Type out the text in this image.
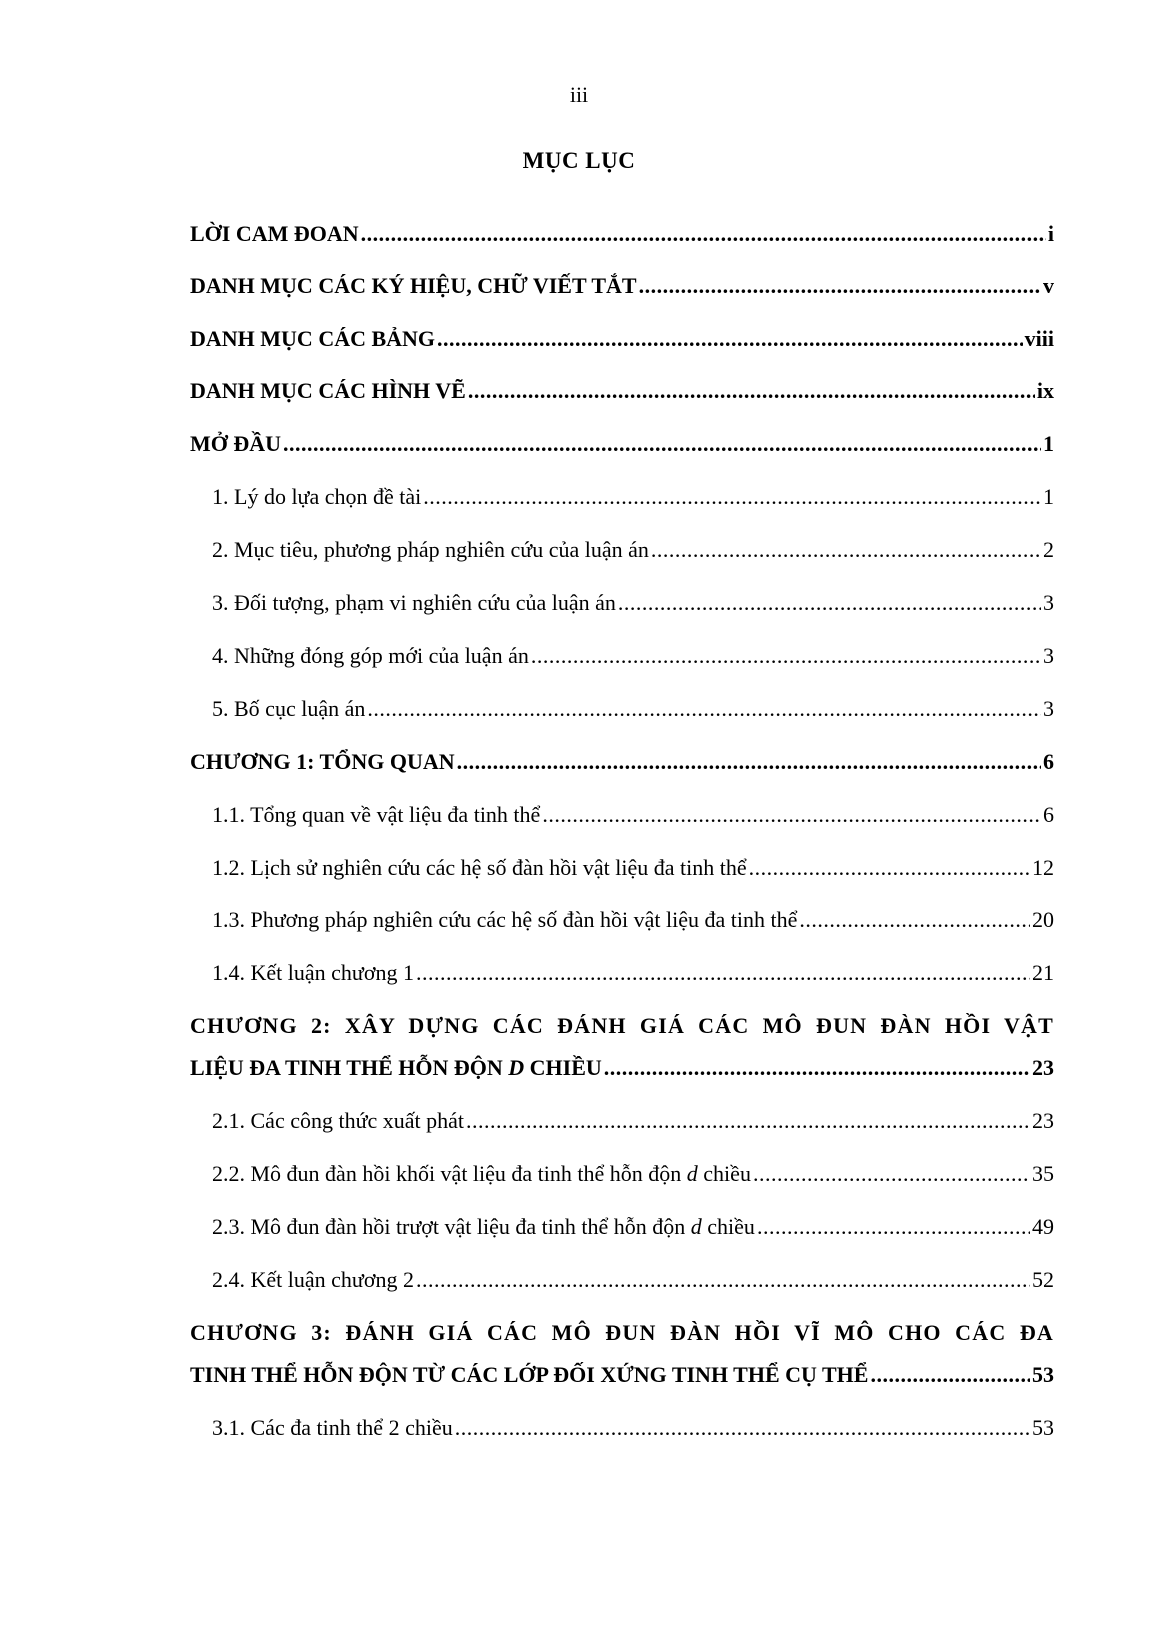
iii
MỤC LỤC
LỜI CAM ĐOAN .....	i
DANH MỤC CÁC KÝ HIỆU, CHỮ VIẾT TẮT .....	v
DANH MỤC CÁC BẢNG .....	viii
DANH MỤC CÁC HÌNH VẼ .....	ix
MỞ ĐẦU .....	1
1. Lý do lựa chọn đề tài .....	1
2. Mục tiêu, phương pháp nghiên cứu của luận án .....	2
3. Đối tượng, phạm vi nghiên cứu của luận án .....	3
4. Những đóng góp mới của luận án .....	3
5. Bố cục luận án .....	3
CHƯƠNG 1: TỔNG QUAN .....	6
1.1. Tổng quan về vật liệu đa tinh thể .....	6
1.2. Lịch sử nghiên cứu các hệ số đàn hồi vật liệu đa tinh thể .....	12
1.3. Phương pháp nghiên cứu các hệ số đàn hồi vật liệu đa tinh thể .....	20
1.4. Kết luận chương 1 .....	21
CHƯƠNG 2: XÂY DỰNG CÁC ĐÁNH GIÁ CÁC MÔ ĐUN ĐÀN HỒI VẬT
LIỆU ĐA TINH THỂ HỖN ĐỘN D CHIỀU .....	23
2.1. Các công thức xuất phát .....	23
2.2. Mô đun đàn hồi khối vật liệu đa tinh thể hỗn độn d chiều .....	35
2.3. Mô đun đàn hồi trượt vật liệu đa tinh thể hỗn độn d chiều .....	49
2.4. Kết luận chương 2 .....	52
CHƯƠNG 3: ĐÁNH GIÁ CÁC MÔ ĐUN ĐÀN HỒI VĨ MÔ CHO CÁC ĐA
TINH THỂ HỖN ĐỘN TỪ CÁC LỚP ĐỐI XỨNG TINH THỂ CỤ THỂ .....	53
3.1. Các đa tinh thể 2 chiều .....	53
